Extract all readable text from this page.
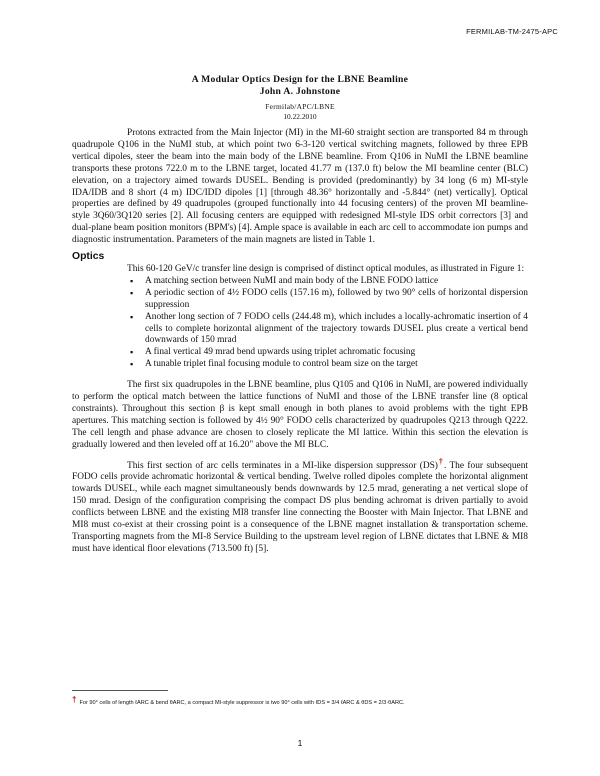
FERMILAB-TM-2475-APC
A Modular Optics Design for the LBNE Beamline
John A. Johnstone
Fermilab/APC/LBNE
10.22.2010

Protons extracted from the Main Injector (MI) in the MI-60 straight section are transported 84 m through quadrupole Q106 in the NuMI stub, at which point two 6-3-120 vertical switching magnets, followed by three EPB vertical dipoles, steer the beam into the main body of the LBNE beamline. From Q106 in NuMI the LBNE beamline transports these protons 722.0 m to the LBNE target, located 41.77 m (137.0 ft) below the MI beamline center (BLC) elevation, on a trajectory aimed towards DUSEL. Bending is provided (predominantly) by 34 long (6 m) MI-style IDA/IDB and 8 short (4 m) IDC/IDD dipoles [1] [through 48.36° horizontally and -5.844° (net) vertically]. Optical properties are defined by 49 quadrupoles (grouped functionally into 44 focusing centers) of the proven MI beamline-style 3Q60/3Q120 series [2]. All focusing centers are equipped with redesigned MI-style IDS orbit correctors [3] and dual-plane beam position monitors (BPM's) [4]. Ample space is available in each arc cell to accommodate ion pumps and diagnostic instrumentation. Parameters of the main magnets are listed in Table 1.

Optics

This 60-120 GeV/c transfer line design is comprised of distinct optical modules, as illustrated in Figure 1:

▪ A matching section between NuMI and main body of the LBNE FODO lattice
▪ A periodic section of 4½ FODO cells (157.16 m), followed by two 90° cells of horizontal dispersion suppression
▪ Another long section of 7 FODO cells (244.48 m), which includes a locally-achromatic insertion of 4 cells to complete horizontal alignment of the trajectory towards DUSEL plus create a vertical bend downwards of 150 mrad
▪ A final vertical 49 mrad bend upwards using triplet achromatic focusing
▪ A tunable triplet final focusing module to control beam size on the target

The first six quadrupoles in the LBNE beamline, plus Q105 and Q106 in NuMI, are powered individually to perform the optical match between the lattice functions of NuMI and those of the LBNE transfer line (8 optical constraints). Throughout this section β is kept small enough in both planes to avoid problems with the tight EPB apertures. This matching section is followed by 4½ 90° FODO cells characterized by quadrupoles Q213 through Q222. The cell length and phase advance are chosen to closely replicate the MI lattice. Within this section the elevation is gradually lowered and then leveled off at 16.20" above the MI BLC.

This first section of arc cells terminates in a MI-like dispersion suppressor (DS)†. The four subsequent FODO cells provide achromatic horizontal & vertical bending. Twelve rolled dipoles complete the horizontal alignment towards DUSEL, while each magnet simultaneously bends downwards by 12.5 mrad, generating a net vertical slope of 150 mrad. Design of the configuration comprising the compact DS plus bending achromat is driven partially to avoid conflicts between LBNE and the existing MI8 transfer line connecting the Booster with Main Injector. That LBNE and MI8 must co-exist at their crossing point is a consequence of the LBNE magnet installation & transportation scheme. Transporting magnets from the MI-8 Service Building to the upstream level region of LBNE dictates that LBNE & MI8 must have identical floor elevations (713.500 ft) [5].

† For 90° cells of length ℓARC & bend θARC, a compact MI-style suppressor is two 90° cells with ℓDS = 3/4 ℓARC & θDS = 2/3·θARC.
1
